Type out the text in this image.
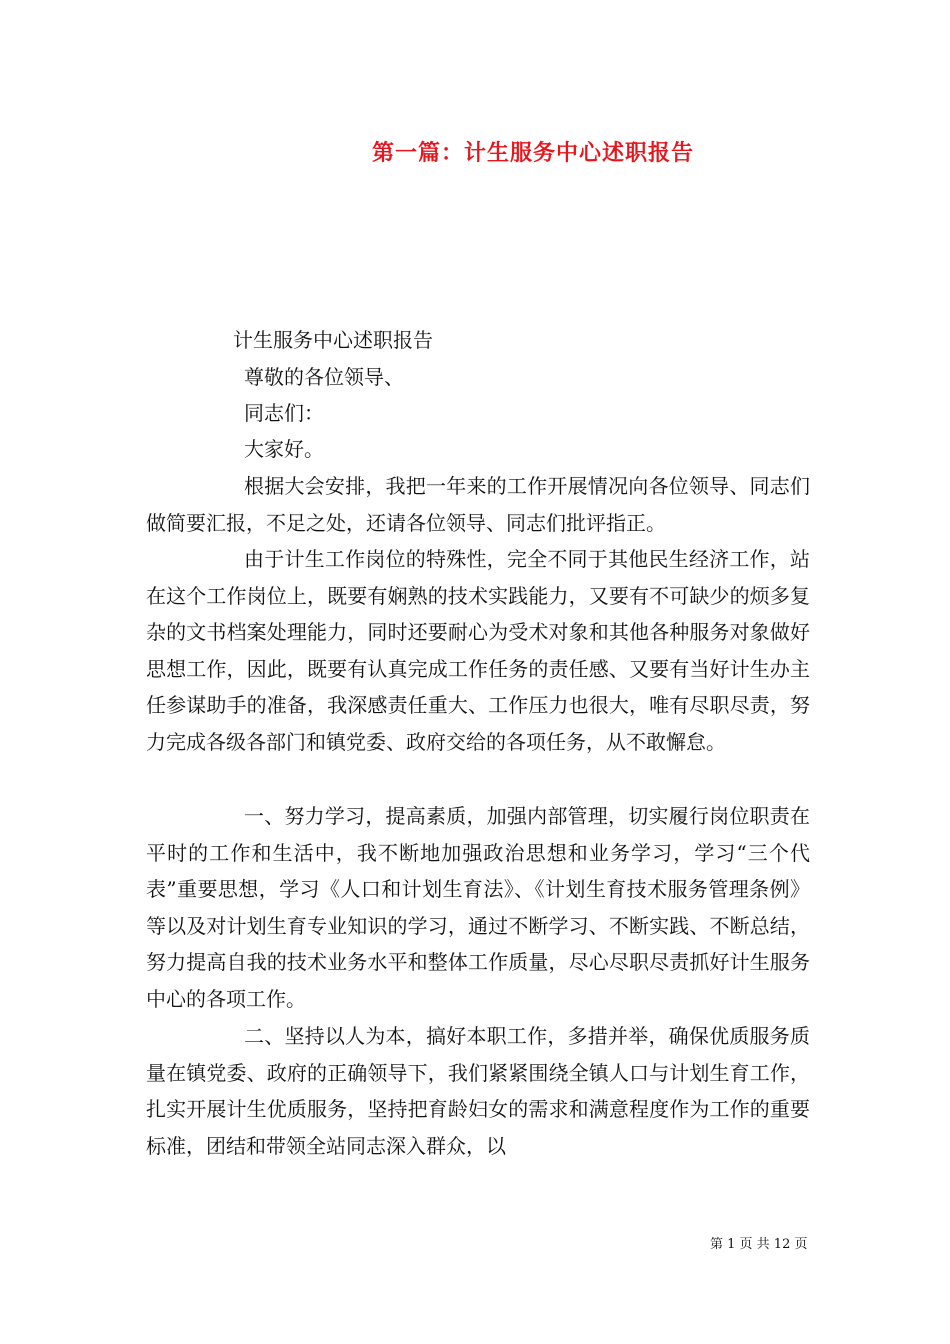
第一篇：计生服务中心述职报告
计生服务中心述职报告
尊敬的各位领导、
同志们：
大家好。

根据大会安排，我把一年来的工作开展情况向各位领导、同志们做简要汇报，不足之处，还请各位领导、同志们批评指正。

由于计生工作岗位的特殊性，完全不同于其他民生经济工作，站在这个工作岗位上，既要有娴熟的技术实践能力，又要有不可缺少的烦多复杂的文书档案处理能力，同时还要耐心为受术对象和其他各种服务对象做好思想工作，因此，既要有认真完成工作任务的责任感、又要有当好计生办主任参谋助手的准备，我深感责任重大、工作压力也很大，唯有尽职尽责，努力完成各级各部门和镇党委、政府交给的各项任务，从不敢懈怠。

一、努力学习，提高素质，加强内部管理，切实履行岗位职责在平时的工作和生活中，我不断地加强政治思想和业务学习，学习“三个代表”重要思想，学习《人口和计划生育法》、《计划生育技术服务管理条例》等以及对计划生育专业知识的学习，通过不断学习、不断实践、不断总结，努力提高自我的技术业务水平和整体工作质量，尽心尽职尽责抓好计生服务中心的各项工作。

二、坚持以人为本，搞好本职工作，多措并举，确保优质服务质量在镇党委、政府的正确领导下，我们紧紧围绕全镇人口与计划生育工作，扎实开展计生优质服务，坚持把育龄妇女的需求和满意程度作为工作的重要标准，团结和带领全站同志深入群众，以

第 1 页 共 12 页
